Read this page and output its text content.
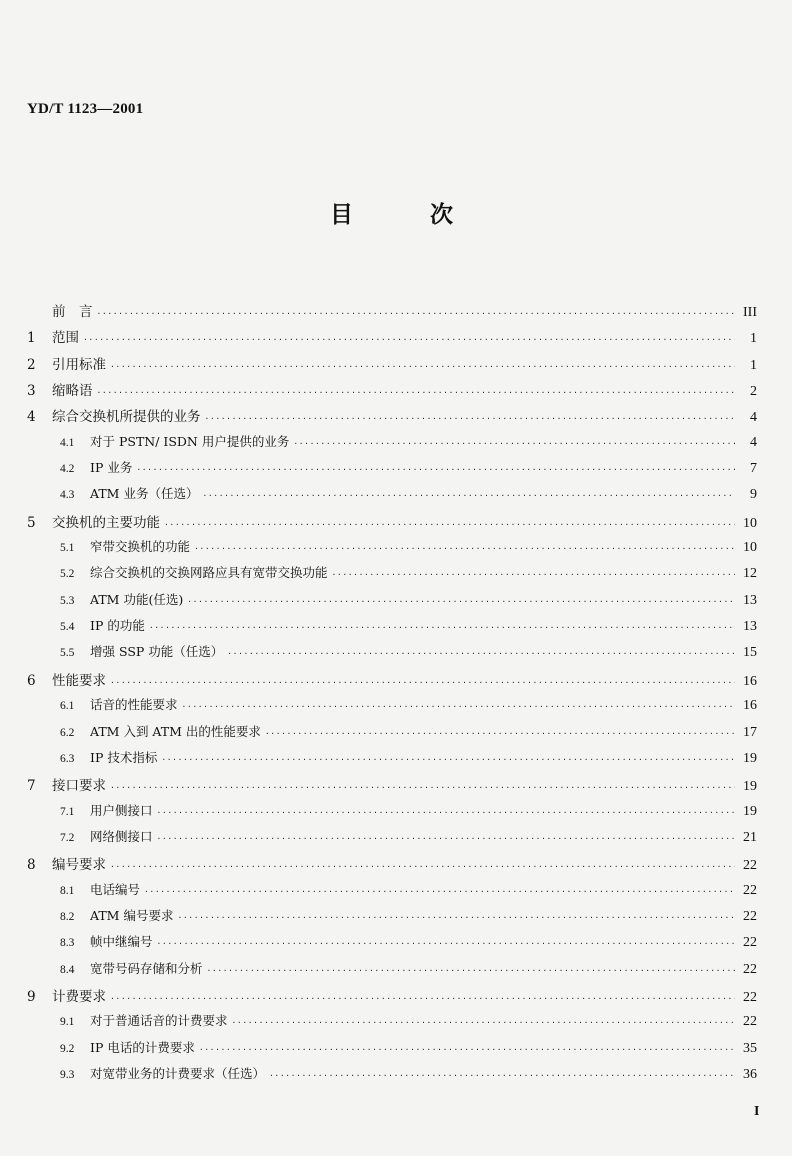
YD/T 1123—2001
目	次
前　言 ·····	III
1	范围 ·····	1
2	引用标准 ·····	1
3	缩略语 ·····	2
4	综合交换机所提供的业务 ·····	4
4.1	对于 PSTN/ ISDN 用户提供的业务 ·····	4
4.2	IP 业务 ·····	7
4.3	ATM 业务（任选） ·····	9
5	交换机的主要功能 ·····	10
5.1	窄带交换机的功能 ·····	10
5.2	综合交换机的交换网路应具有宽带交换功能 ·····	12
5.3	ATM 功能(任选) ·····	13
5.4	IP 的功能 ·····	13
5.5	增强 SSP 功能（任选） ·····	15
6	性能要求 ·····	16
6.1	话音的性能要求 ·····	16
6.2	ATM 入到 ATM 出的性能要求 ·····	17
6.3	IP 技术指标 ·····	19
7	接口要求 ·····	19
7.1	用户侧接口 ·····	19
7.2	网络侧接口 ·····	21
8	编号要求 ·····	22
8.1	电话编号 ·····	22
8.2	ATM 编号要求 ·····	22
8.3	帧中继编号 ·····	22
8.4	宽带号码存储和分析 ·····	22
9	计费要求 ·····	22
9.1	对于普通话音的计费要求 ·····	22
9.2	IP 电话的计费要求 ·····	35
9.3	对宽带业务的计费要求（任选） ·····	36
I
